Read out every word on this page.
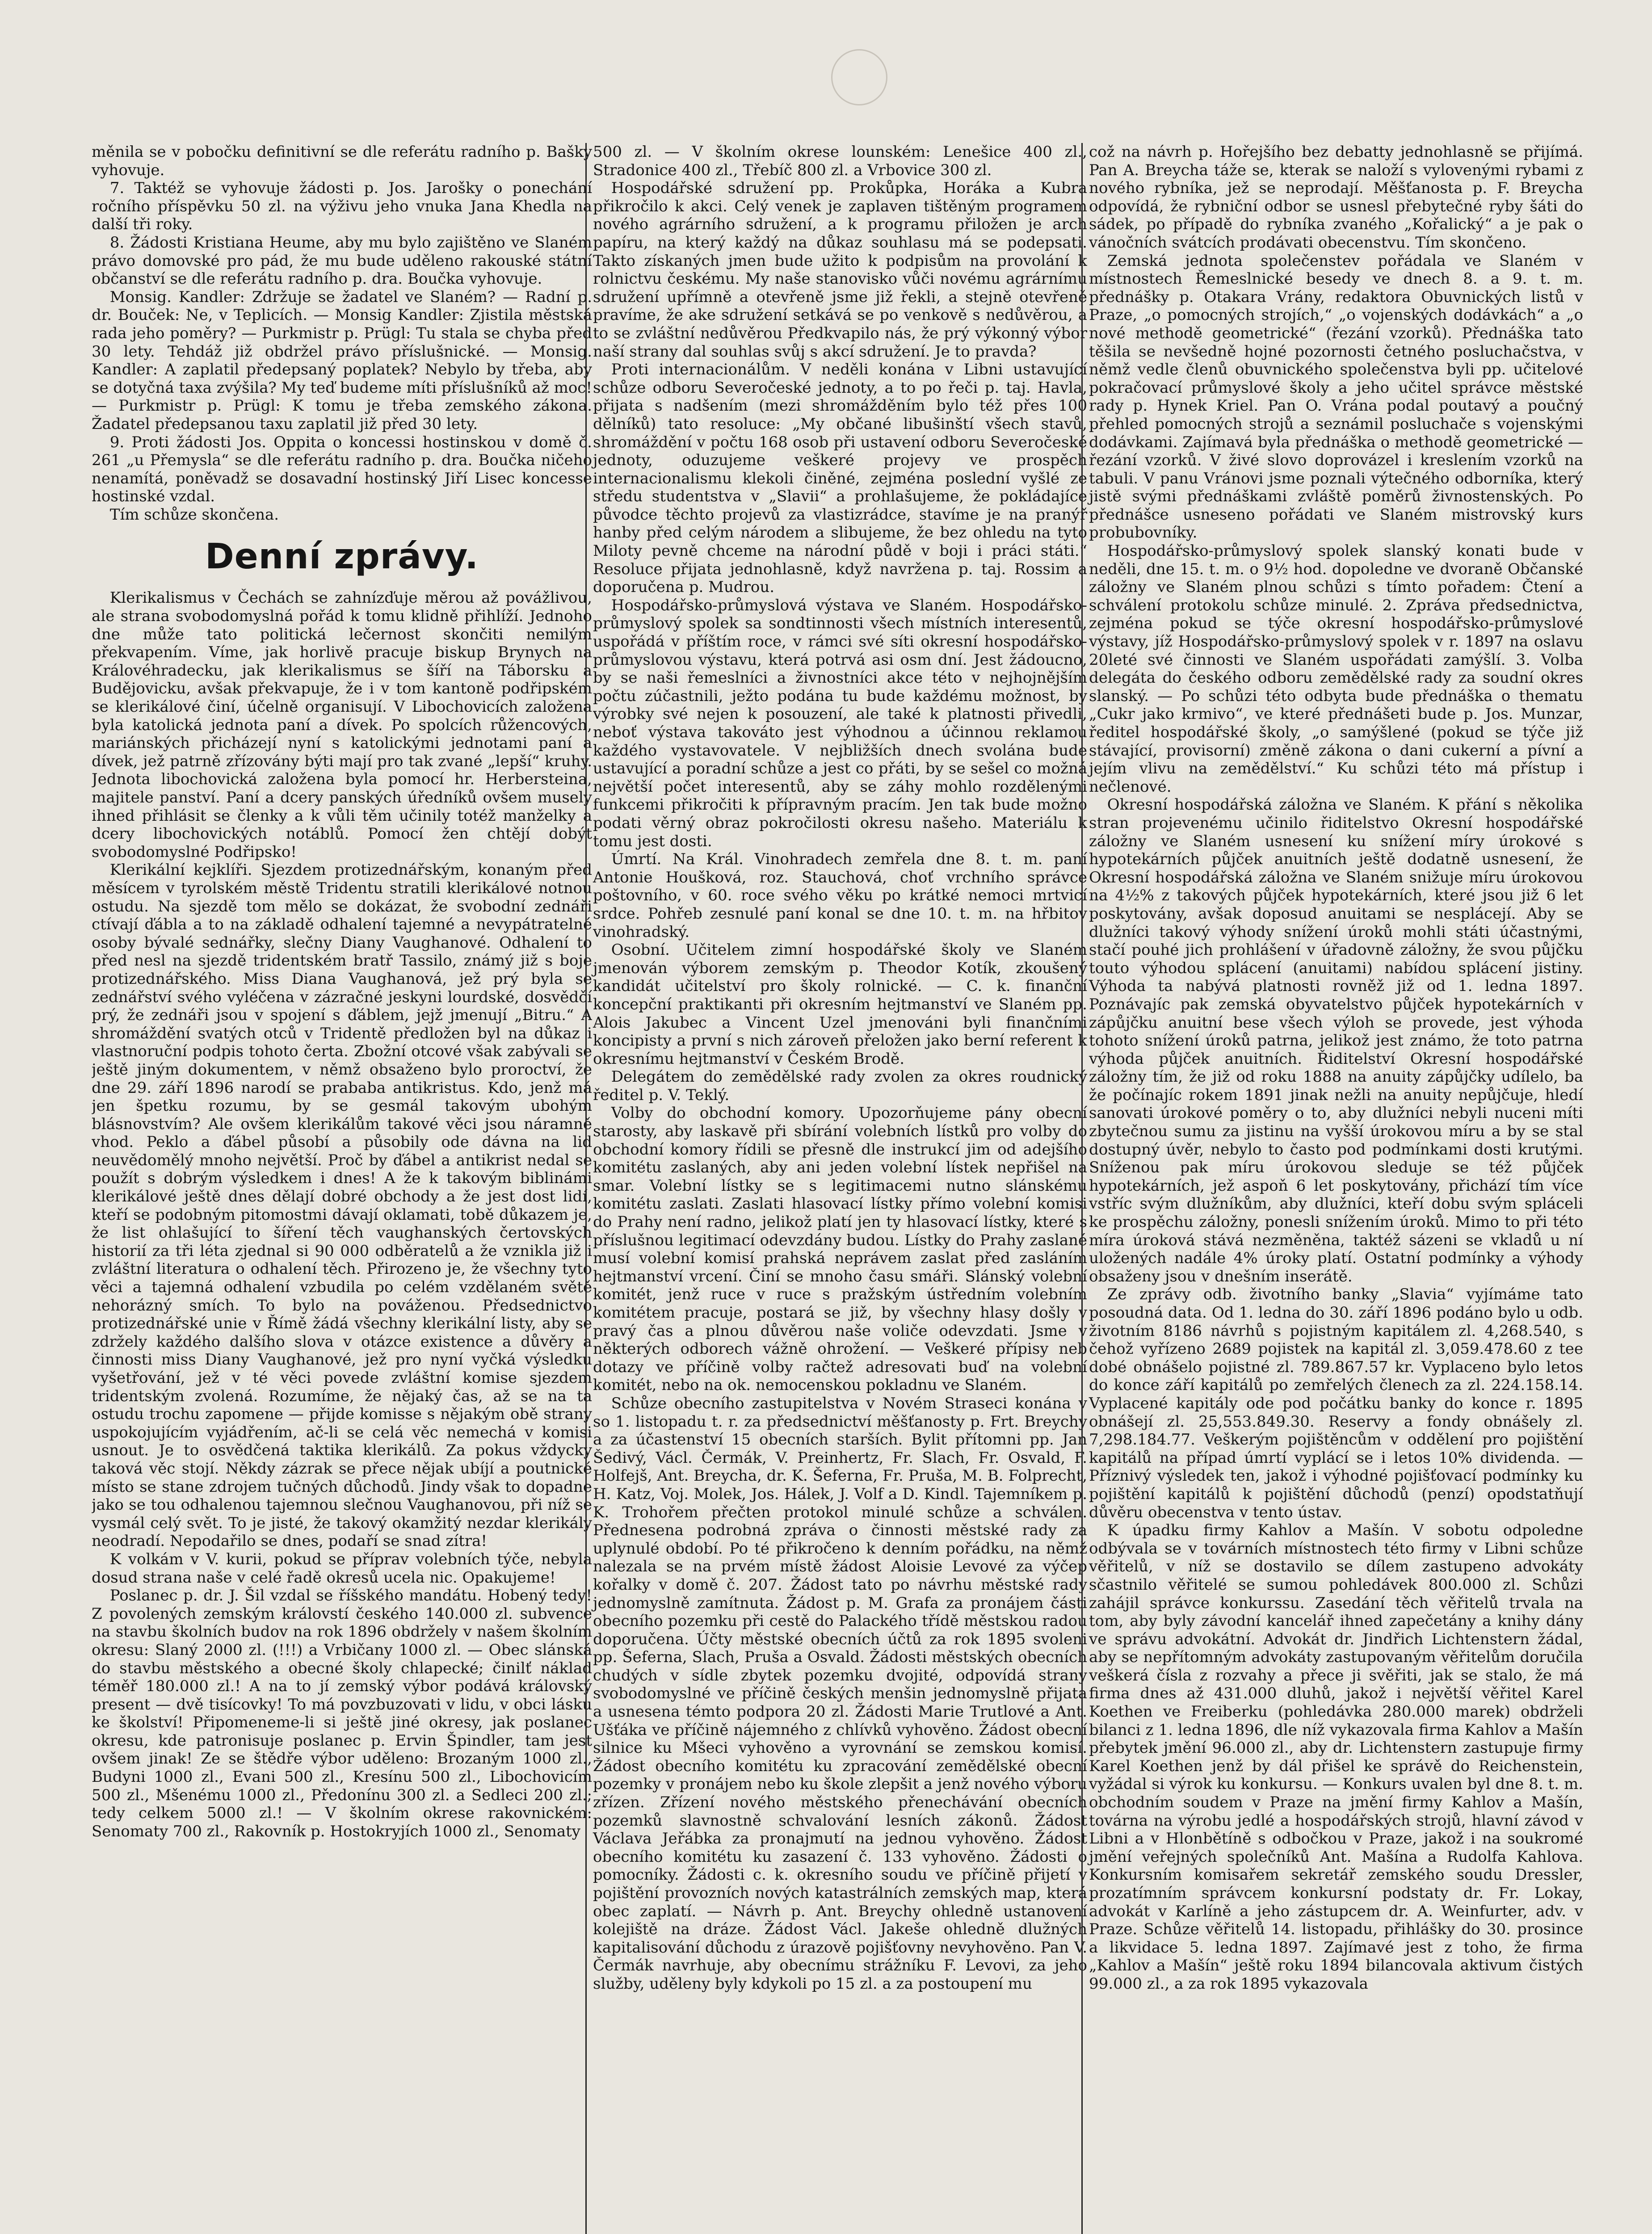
měnila se v pobočku definitivní se dle referátu radního p. Bašky vyhovuje.

7. Taktéž se vyhovuje žádosti p. Jos. Jarošky o ponechání ročního příspěvku 50 zl. na výživu jeho vnuka Jana Khedla na další tři roky.

8. Žádosti Kristiana Heume, aby mu bylo zajištěno ve Slaném právo domovské pro pád, že mu bude uděleno rakouské státní občanství se dle referátu radního p. dra. Boučka vyhovuje.

Monsig. Kandler: Zdržuje se žadatel ve Slaném? — Radní p. dr. Bouček: Ne, v Teplicích. — Monsig Kandler: Zjistila městská rada jeho poměry? — Purkmistr p. Prügl: Tu stala se chyba před 30 lety. Tehdáž již obdržel právo příslušnické. — Monsig. Kandler: A zaplatil předepsaný poplatek? Nebylo by třeba, aby se dotyčná taxa zvýšila? My teď budeme míti příslušníků až moc! — Purkmistr p. Prügl: K tomu je třeba zemského zákona. Žadatel předepsanou taxu zaplatil již před 30 lety.

9. Proti žádosti Jos. Oppita o koncessi hostinskou v domě č. 261 „u Přemysla“ se dle referátu radního p. dra. Boučka ničeho nenamítá, poněvadž se dosavadní hostinský Jiří Lisec koncesse hostinské vzdal.

Tím schůze skončena.

Denní zprávy.

Klerikalismus v Čechách se zahnízďuje měrou až povážlivou, ale strana svobodomyslná pořád k tomu klidně přihlíží. Jednoho dne může tato politická lečernost skončiti nemilým překvapením. Víme, jak horlivě pracuje biskup Brynych na Královéhradecku, jak klerikalismus se šíří na Táborsku a Budějovicku, avšak překvapuje, že i v tom kantoně podřipském se klerikálové činí, účelně organisují. V Libochovicích založena byla katolická jednota paní a dívek. Po spolcích růžencových, mariánských přicházejí nyní s katolickými jednotami paní a dívek, jež patrně zřízovány býti mají pro tak zvané „lepší“ kruhy. Jednota libochovická založena byla pomocí hr. Herbersteina, majitele panství. Paní a dcery panských úředníků ovšem musely ihned přihlásit se členky a k vůli těm učinily totéž manželky a dcery libochovických notáblů. Pomocí žen chtějí dobýt svobodomyslné Podřipsko!

Klerikální kejklíři. Sjezdem protizednářským, konaným před měsícem v tyrolském městě Tridentu stratili klerikálové notnou ostudu. Na sjezdě tom mělo se dokázat, že svobodní zednáři ctívají ďábla a to na základě odhalení tajemné a nevypátratelné osoby bývalé sednářky, slečny Diany Vaughanové. Odhalení to před nesl na sjezdě tridentském bratř Tassilo, známý již s boje protizednářského. Miss Diana Vaughanová, jež prý byla se zednářství svého vyléčena v zázračné jeskyni lourdské, dosvědčí prý, že zednáři jsou v spojení s ďáblem, jejž jmenují „Bitru.“ A shromáždění svatých otců v Tridentě předložen byl na důkaz i vlastnoruční podpis tohoto čerta. Zbožní otcové však zabývali se ještě jiným dokumentem, v němž obsaženo bylo proroctví, že dne 29. září 1896 narodí se prababa antikristus. Kdo, jenž má jen špetku rozumu, by se gesmál takovým ubohým blásnovstvím? Ale ovšem klerikálům takové věci jsou náramně vhod. Peklo a ďábel působí a působily ode dávna na lid neuvědomělý mnoho největší. Proč by ďábel a antikrist nedal se použít s dobrým výsledkem i dnes! A že k takovým biblinámi klerikálové ještě dnes dělají dobré obchody a že jest dost lidí, kteří se podobným pitomostmi dávají oklamati, tobě důkazem je, že list ohlašující to šíření těch vaughanských čertovských historií za tři léta zjednal si 90 000 odběratelů a že vznikla již i zvláštní literatura o odhalení těch. Přirozeno je, že všechny tyto věci a tajemná odhalení vzbudila po celém vzdělaném světě nehorázný smích. To bylo na pováženou. Předsednictvo protizednářské unie v Římě žádá všechny klerikální listy, aby se zdržely každého dalšího slova v otázce existence a důvěry a činnosti miss Diany Vaughanové, jež pro nyní vyčká výsledku vyšetřování, jež v té věci povede zvláštní komise sjezdem tridentským zvolená. Rozumíme, že nějaký čas, až se na ta ostudu trochu zapomene — přijde komisse s nějakým obě strany uspokojujícím vyjádřením, ač-li se celá věc nemechá v komisi usnout. Je to osvědčená taktika klerikálů. Za pokus vždycky taková věc stojí. Někdy zázrak se přece nějak ubíjí a poutnické místo se stane zdrojem tučných důchodů. Jindy však to dopadne jako se tou odhalenou tajemnou slečnou Vaughanovou, při níž se vysmál celý svět. To je jisté, že takový okamžitý nezdar klerikály neodradí. Nepodařilo se dnes, podaří se snad zítra!

K volkám v V. kurii, pokud se příprav volebních týče, nebyla dosud strana naše v celé řadě okresů ucela nic. Opakujeme!

Poslanec p. dr. J. Šil vzdal se říšského mandátu. Hobený tedy! Z povolených zemským královstí českého 140.000 zl. subvence na stavbu školních budov na rok 1896 obdržely v našem školním okresu: Slaný 2000 zl. (!!!) a Vrbičany 1000 zl. — Obec slánská do stavbu městského a obecné školy chlapecké; činilť náklad téměř 180.000 zl.! A na to jí zemský výbor podává královský present — dvě tisícovky! To má povzbuzovati v lidu, v obci lásku ke školství! Připomeneme-li si ještě jiné okresy, jak poslanec okresu, kde patronisuje poslanec p. Ervin Špindler, tam jest ovšem jinak! Ze se štědře výbor uděleno: Brozaným 1000 zl., Budyni 1000 zl., Evani 500 zl., Kresínu 500 zl., Libochovicím 500 zl., Mšenému 1000 zl., Předonínu 300 zl. a Sedleci 200 zl.; tedy celkem 5000 zl.! — V školním okrese rakovnickém: Senomaty 700 zl., Rakovník p. Hostokryjích 1000 zl., Senomaty

500 zl. — V školním okrese lounském: Lenešice 400 zl., Stradonice 400 zl., Třebíč 800 zl. a Vrbovice 300 zl.

Hospodářské sdružení pp. Prokůpka, Horáka a Kubra přikročilo k akci. Celý venek je zaplaven tištěným programem nového agrárního sdružení, a k programu přiložen je arch papíru, na který každý na důkaz souhlasu má se podepsati. Takto získaných jmen bude užito k podpisům na provolání k rolnictvu českému. My naše stanovisko vůči novému agrárnímu sdružení upřímně a otevřeně jsme již řekli, a stejně otevřeně pravíme, že ake sdružení setkává se po venkově s nedůvěrou, a to se zvláštní nedůvěrou Předkvapilo nás, že prý výkonný výbor naší strany dal souhlas svůj s akcí sdružení. Je to pravda?

Proti internacionálům. V neděli konána v Libni ustavující schůze odboru Severočeské jednoty, a to po řeči p. taj. Havla, přijata s nadšením (mezi shromážděním bylo též přes 100 dělníků) tato resoluce: „My občané libušinští všech stavů, shromáždění v počtu 168 osob při ustavení odboru Severočeské jednoty, oduzujeme veškeré projevy ve prospěch internacionalismu klekoli činěné, zejména poslední vyšlé ze středu studentstva v „Slavii“ a prohlašujeme, že pokládajíce původce těchto projevů za vlastizrádce, stavíme je na pranýř hanby před celým národem a slibujeme, že bez ohledu na tyto Miloty pevně chceme na národní půdě v boji i práci státi.“ Resoluce přijata jednohlasně, když navržena p. taj. Rossim a doporučena p. Mudrou.

Hospodářsko-průmyslová výstava ve Slaném. Hospodářsko-průmyslový spolek sa sondtinnosti všech místních interesentů, uspořádá v příštím roce, v rámci své síti okresní hospodářsko-průmyslovou výstavu, která potrvá asi osm dní. Jest žádoucno, by se naši řemeslníci a živnostníci akce této v nejhojnějším počtu zúčastnili, ježto podána tu bude každému možnost, by výrobky své nejen k posouzení, ale také k platnosti přivedli, neboť výstava takováto jest výhodnou a účinnou reklamou každého vystavovatele. V nejbližších dnech svolána bude ustavující a poradní schůze a jest co přáti, by se sešel co možná největší počet interesentů, aby se záhy mohlo rozdělenými funkcemi přikročiti k přípravným pracím. Jen tak bude možno podati věrný obraz pokročilosti okresu našeho. Materiálu k tomu jest dosti.

Úmrtí. Na Král. Vinohradech zemřela dne 8. t. m. paní Antonie Houšková, roz. Stauchová, choť vrchního správce poštovního, v 60. roce svého věku po krátké nemoci mrtvicí srdce. Pohřeb zesnulé paní konal se dne 10. t. m. na hřbitov vinohradský.

Osobní. Učitelem zimní hospodářské školy ve Slaném jmenován výborem zemským p. Theodor Kotík, zkoušený kandidát učitelství pro školy rolnické. — C. k. finanční koncepční praktikanti při okresním hejtmanství ve Slaném pp. Alois Jakubec a Vincent Uzel jmenováni byli finančními koncipisty a první s nich zároveň přeložen jako berní referent k okresnímu hejtmanství v Českém Brodě.

Delegátem do zemědělské rady zvolen za okres roudnický ředitel p. V. Teklý.

Volby do obchodní komory. Upozorňujeme pány obecní starosty, aby laskavě při sbírání volebních lístků pro volby do obchodní komory řídili se přesně dle instrukcí jim od adejšího komitétu zaslaných, aby ani jeden volební lístek nepřišel na smar. Volební lístky se s legitimacemi nutno slánskému komitétu zaslati. Zaslati hlasovací lístky přímo volební komisi do Prahy není radno, jelikož platí jen ty hlasovací lístky, které s příslušnou legitimací odevzdány budou. Lístky do Prahy zaslané musí volební komisí prahská neprávem zaslat před zasláním hejtmanství vrcení. Činí se mnoho času smáři. Slánský volební komitét, jenž ruce v ruce s pražským ústředním volebním komitétem pracuje, postará se již, by všechny hlasy došly v pravý čas a plnou důvěrou naše voliče odevzdati. Jsme v některých odborech vážně ohrožení. — Veškeré přípisy neb dotazy ve příčině volby račtež adresovati buď na volební komitét, nebo na ok. nemocenskou pokladnu ve Slaném.

Schůze obecního zastupitelstva v Novém Straseci konána v so 1. listopadu t. r. za předsednictví měšťanosty p. Frt. Breychy a za účastenství 15 obecních starších. Bylit přítomni pp. Jan Šedivý, Václ. Čermák, V. Preinhertz, Fr. Slach, Fr. Osvald, F. Holfejš, Ant. Breycha, dr. K. Šeferna, Fr. Pruša, M. B. Folprecht, H. Katz, Voj. Molek, Jos. Hálek, J. Volf a D. Kindl. Tajemníkem p. K. Trohořem přečten protokol minulé schůze a schválen. Přednesena podrobná zpráva o činnosti městské rady za uplynulé období. Po té přikročeno k denním pořádku, na němž nalezala se na prvém místě žádost Aloisie Levové za výčep kořalky v domě č. 207. Žádost tato po návrhu městské rady jednomyslně zamítnuta. Žádost p. M. Grafa za pronájem části obecního pozemku při cestě do Palackého třídě městskou radou doporučena. Účty městské obecních účtů za rok 1895 svoleni pp. Šeferna, Slach, Pruša a Osvald. Žádosti městských obecních chudých v sídle zbytek pozemku dvojité, odpovídá strany svobodomyslné ve příčině českých menšin jednomyslně přijata a usnesena témto podpora 20 zl. Žádosti Marie Trutlové a Ant. Ušťáka ve příčině nájemného z chlívků vyhověno. Žádost obecní silnice ku Mšeci vyhověno a vyrovnání se zemskou komisí. Žádost obecního komitétu ku zpracování zemědělské obecní pozemky v pronájem nebo ku škole zlepšit a jenž nového výboru zřízen. Zřízení nového městského přenechávání obecních pozemků slavnostně schvalování lesních zákonů. Žádost Václava Jeřábka za pronajmutí na jednou vyhověno. Žádost obecního komitétu ku zasazení č. 133 vyhověno. Žádosti o pomocníky. Žádosti c. k. okresního soudu ve příčině přijetí v pojištění provozních nových katastrálních zemských map, která obec zaplatí. — Návrh p. Ant. Breychy ohledně ustanovení kolejiště na dráze. Žádost Václ. Jakeše ohledně dlužných kapitalisování důchodu z úrazově pojišťovny nevyhověno. Pan V. Čermák navrhuje, aby obecnímu strážníku F. Levovi, za jeho služby, uděleny byly kdykoli po 15 zl. a za postoupení mu

což na návrh p. Hořejšího bez debatty jednohlasně se přijímá. Pan A. Breycha táže se, kterak se naloží s vylovenými rybami z nového rybníka, jež se neprodají. Měšťanosta p. F. Breycha odpovídá, že rybniční odbor se usnesl přebytečné ryby šáti do sádek, po případě do rybníka zvaného „Kořalický“ a je pak o vánočních svátcích prodávati obecenstvu. Tím skončeno.

Zemská jednota společenstev pořádala ve Slaném v místnostech Řemeslnické besedy ve dnech 8. a 9. t. m. přednášky p. Otakara Vrány, redaktora Obuvnických listů v Praze, „o pomocných strojích,“ „o vojenských dodávkách“ a „o nové methodě geometrické“ (řezání vzorků). Přednáška tato těšila se nevšedně hojné pozornosti četného posluchačstva, v němž vedle členů obuvnického společenstva byli pp. učitelové pokračovací průmyslové školy a jeho učitel správce městské rady p. Hynek Kriel. Pan O. Vrána podal poutavý a poučný přehled pomocných strojů a seznámil posluchače s vojenskými dodávkami. Zajímavá byla přednáška o methodě geometrické — řezání vzorků. V živé slovo doprovázel i kreslením vzorků na tabuli. V panu Vránovi jsme poznali výtečného odborníka, který jistě svými přednáškami zvláště poměrů živnostenských. Po přednášce usneseno pořádati ve Slaném mistrovský kurs probubovníky.

Hospodářsko-průmyslový spolek slanský konati bude v neděli, dne 15. t. m. o 9½ hod. dopoledne ve dvoraně Občanské záložny ve Slaném plnou schůzi s tímto pořadem: Čtení a schválení protokolu schůze minulé. 2. Zpráva předsednictva, zejména pokud se týče okresní hospodářsko-průmyslové výstavy, jíž Hospodářsko-průmyslový spolek v r. 1897 na oslavu 20leté své činnosti ve Slaném uspořádati zamýšlí. 3. Volba delegáta do českého odboru zemědělské rady za soudní okres slanský. — Po schůzi této odbyta bude přednáška o thematu „Cukr jako krmivo“, ve které přednášeti bude p. Jos. Munzar, ředitel hospodářské školy, „o samýšlené (pokud se týče již stávající, provisorní) změně zákona o dani cukerní a pívní a jejím vlivu na zemědělství.“ Ku schůzi této má přístup i nečlenové.

Okresní hospodářská záložna ve Slaném. K přání s několika stran projevenému učinilo řiditelstvo Okresní hospodářské záložny ve Slaném usnesení ku snížení míry úrokové s hypotekárních půjček anuitních ještě dodatně usnesení, že Okresní hospodářská záložna ve Slaném snižuje míru úrokovou na 4½% z takových půjček hypotekárních, které jsou již 6 let poskytovány, avšak doposud anuitami se nesplácejí. Aby se dlužníci takový výhody snížení úroků mohli státi účastnými, stačí pouhé jich prohlášení v úřadovně záložny, že svou půjčku touto výhodou splácení (anuitami) nabídou splácení jistiny. Výhoda ta nabývá platnosti rovněž již od 1. ledna 1897. Poznávajíc pak zemská obyvatelstvo půjček hypotekárních v zápůjčku anuitní bese všech výloh se provede, jest výhoda tohoto snížení úroků patrna, jelikož jest známo, že toto patrna výhoda půjček anuitních. Řiditelství Okresní hospodářské záložny tím, že již od roku 1888 na anuity zápůjčky udílelo, ba že počínajíc rokem 1891 jinak nežli na anuity nepůjčuje, hledí sanovati úrokové poměry o to, aby dlužníci nebyli nuceni míti zbytečnou sumu za jistinu na vyšší úrokovou míru a by se stal dostupný úvěr, nebylo to často pod podmínkami dosti krutými. Sníženou pak míru úrokovou sleduje se též půjček hypotekárních, jež aspoň 6 let poskytovány, přichází tím více vstříc svým dlužníkům, aby dlužníci, kteří dobu svým spláceli ke prospěchu záložny, ponesli snížením úroků. Mimo to při této míra úroková stává nezměněna, taktéž sázeni se vkladů u ní uložených nadále 4% úroky platí. Ostatní podmínky a výhody obsaženy jsou v dnešním inserátě.

Ze zprávy odb. životního banky „Slavia“ vyjímáme tato posoudná data. Od 1. ledna do 30. září 1896 podáno bylo u odb. životním 8186 návrhů s pojistným kapitálem zl. 4,268.540, s čehož vyřízeno 2689 pojistek na kapitál zl. 3,059.478.60 z tee dobé obnášelo pojistné zl. 789.867.57 kr. Vyplaceno bylo letos do konce září kapitálů po zemřelých členech za zl. 224.158.14. Vyplacené kapitály ode pod počátku banky do konce r. 1895 obnášejí zl. 25,553.849.30. Reservy a fondy obnášely zl. 7,298.184.77. Veškerým pojištěncům v oddělení pro pojištění kapitálů na případ úmrtí vyplácí se i letos 10% dividenda. — Příznivý výsledek ten, jakož i výhodné pojišťovací podmínky ku pojištění kapitálů k pojištění důchodů (penzí) opodstatňují důvěru obecenstva v tento ústav.

K úpadku firmy Kahlov a Mašín. V sobotu odpoledne odbývala se v továrních místnostech této firmy v Libni schůze věřitelů, v níž se dostavilo se dílem zastupeno advokáty sčastnilo věřitelé se sumou pohledávek 800.000 zl. Schůzi zahájil správce konkurssu. Zasedání těch věřitelů trvala na tom, aby byly závodní kancelář ihned zapečetány a knihy dány ve správu advokátní. Advokát dr. Jindřich Lichtenstern žádal, aby se nepřítomným advokáty zastupovaným věřitelům doručila veškerá čísla z rozvahy a přece ji svěřiti, jak se stalo, že má firma dnes až 431.000 dluhů, jakož i největší věřitel Karel Koethen ve Freiberku (pohledávka 280.000 marek) obdrželi bilanci z 1. ledna 1896, dle níž vykazovala firma Kahlov a Mašín přebytek jmění 96.000 zl., aby dr. Lichtenstern zastupuje firmy Karel Koethen jenž by dál přišel ke správě do Reichenstein, vyžádal si výrok ku konkursu. — Konkurs uvalen byl dne 8. t. m. obchodním soudem v Praze na jmění firmy Kahlov a Mašín, továrna na výrobu jedlé a hospodářských strojů, hlavní závod v Libni a v Hlonbětíně s odbočkou v Praze, jakož i na soukromé jmění veřejných společníků Ant. Mašína a Rudolfa Kahlova. Konkursním komisařem sekretář zemského soudu Dressler, prozatímním správcem konkursní podstaty dr. Fr. Lokay, advokát v Karlíně a jeho zástupcem dr. A. Weinfurter, adv. v Praze. Schůze věřitelů 14. listopadu, přihlášky do 30. prosince a likvidace 5. ledna 1897. Zajímavé jest z toho, že firma „Kahlov a Mašín“ ještě roku 1894 bilancovala aktivum čistých 99.000 zl., a za rok 1895 vykazovala
